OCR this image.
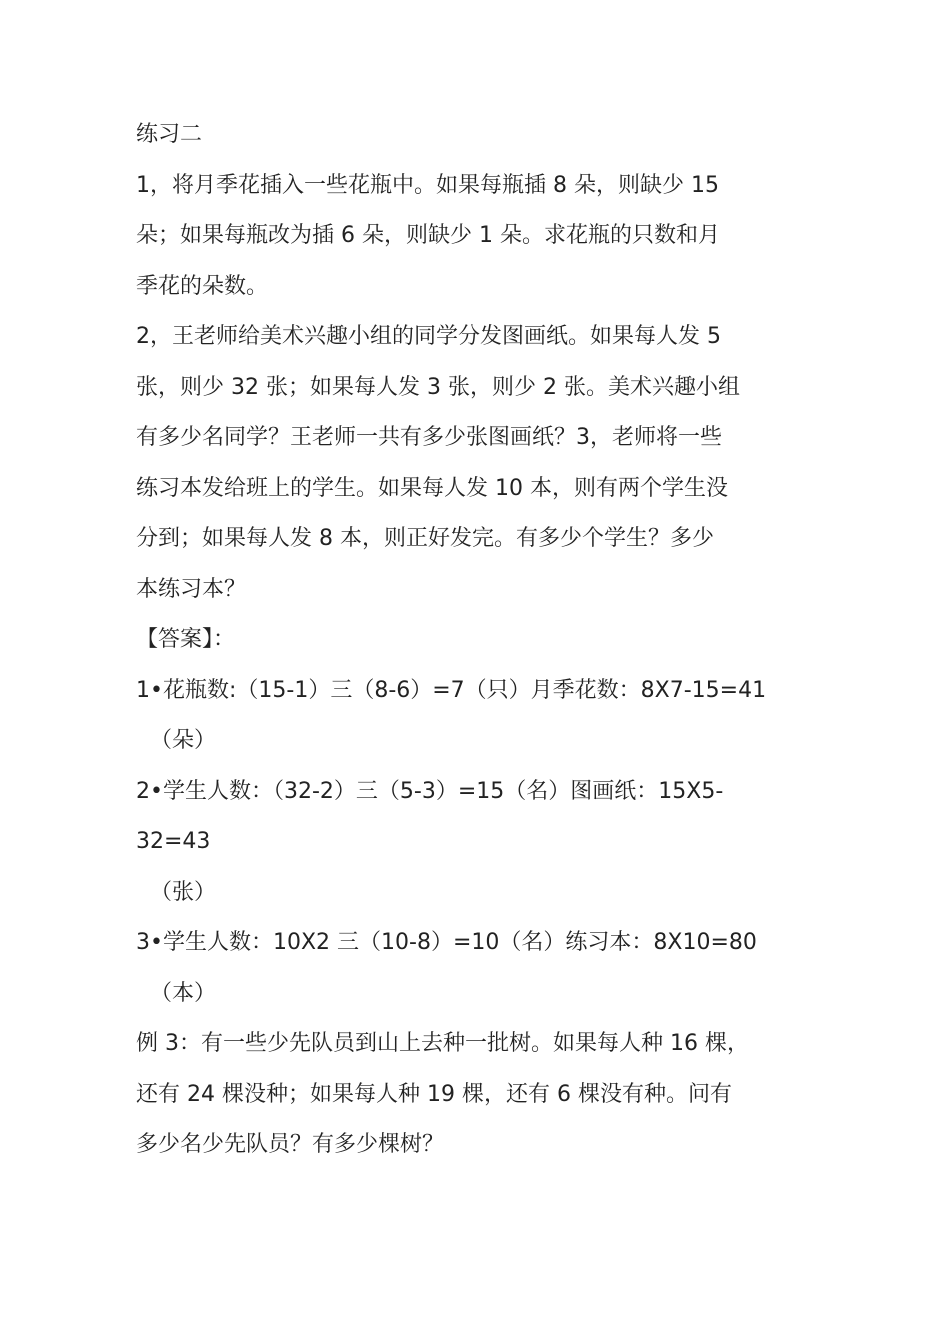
练习二
1，将月季花插入一些花瓶中。如果每瓶插 8 朵，则缺少 15
朵；如果每瓶改为插 6 朵，则缺少 1 朵。求花瓶的只数和月
季花的朵数。
2，王老师给美术兴趣小组的同学分发图画纸。如果每人发 5
张，则少 32 张；如果每人发 3 张，则少 2 张。美术兴趣小组
有多少名同学？王老师一共有多少张图画纸？3，老师将一些
练习本发给班上的学生。如果每人发 10 本，则有两个学生没
分到；如果每人发 8 本，则正好发完。有多少个学生？多少
本练习本？
【答案】：
1•花瓶数:（15-1）三（8-6）=7（只）月季花数：8X7-15=41
（朵）
2•学生人数：（32-2）三（5-3）=15（名）图画纸：15X5-
32=43
（张）
3•学生人数：10X2 三（10-8）=10（名）练习本：8X10=80
（本）
例 3：有一些少先队员到山上去种一批树。如果每人种 16 棵，
还有 24 棵没种；如果每人种 19 棵，还有 6 棵没有种。问有
多少名少先队员？有多少棵树？
